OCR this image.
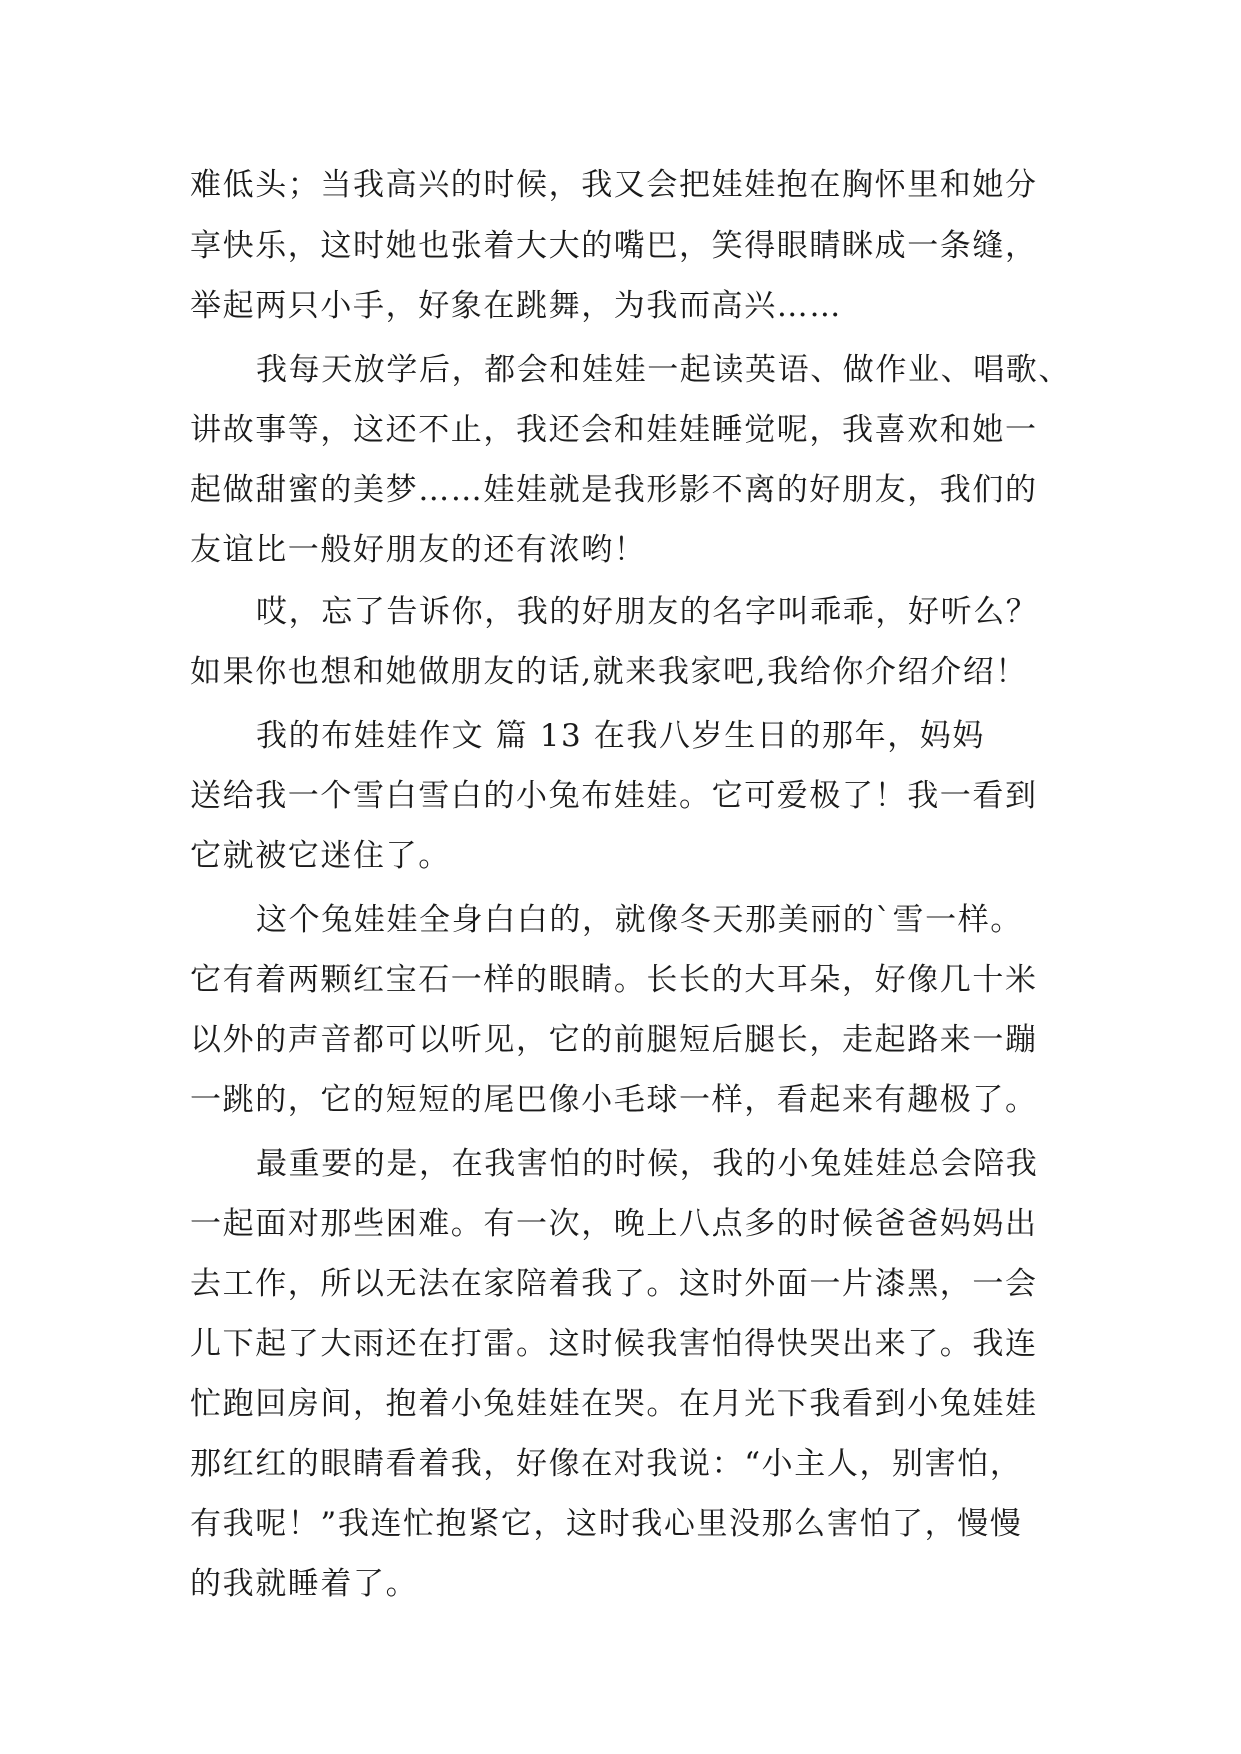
难低头；当我高兴的时候，我又会把娃娃抱在胸怀里和她分
享快乐，这时她也张着大大的嘴巴，笑得眼睛眯成一条缝，
举起两只小手，好象在跳舞，为我而高兴……
我每天放学后，都会和娃娃一起读英语、做作业、唱歌、
讲故事等，这还不止，我还会和娃娃睡觉呢，我喜欢和她一
起做甜蜜的美梦……娃娃就是我形影不离的好朋友，我们的
友谊比一般好朋友的还有浓哟！
哎，忘了告诉你，我的好朋友的名字叫乖乖，好听么？
如果你也想和她做朋友的话,就来我家吧,我给你介绍介绍！
我的布娃娃作文 篇 13 在我八岁生日的那年，妈妈
送给我一个雪白雪白的小兔布娃娃。它可爱极了！我一看到
它就被它迷住了。
这个兔娃娃全身白白的，就像冬天那美丽的`雪一样。
它有着两颗红宝石一样的眼睛。长长的大耳朵，好像几十米
以外的声音都可以听见，它的前腿短后腿长，走起路来一蹦
一跳的，它的短短的尾巴像小毛球一样，看起来有趣极了。
最重要的是，在我害怕的时候，我的小兔娃娃总会陪我
一起面对那些困难。有一次，晚上八点多的时候爸爸妈妈出
去工作，所以无法在家陪着我了。这时外面一片漆黑，一会
儿下起了大雨还在打雷。这时候我害怕得快哭出来了。我连
忙跑回房间，抱着小兔娃娃在哭。在月光下我看到小兔娃娃
那红红的眼睛看着我，好像在对我说：“小主人，别害怕，
有我呢！”我连忙抱紧它，这时我心里没那么害怕了，慢慢
的我就睡着了。
